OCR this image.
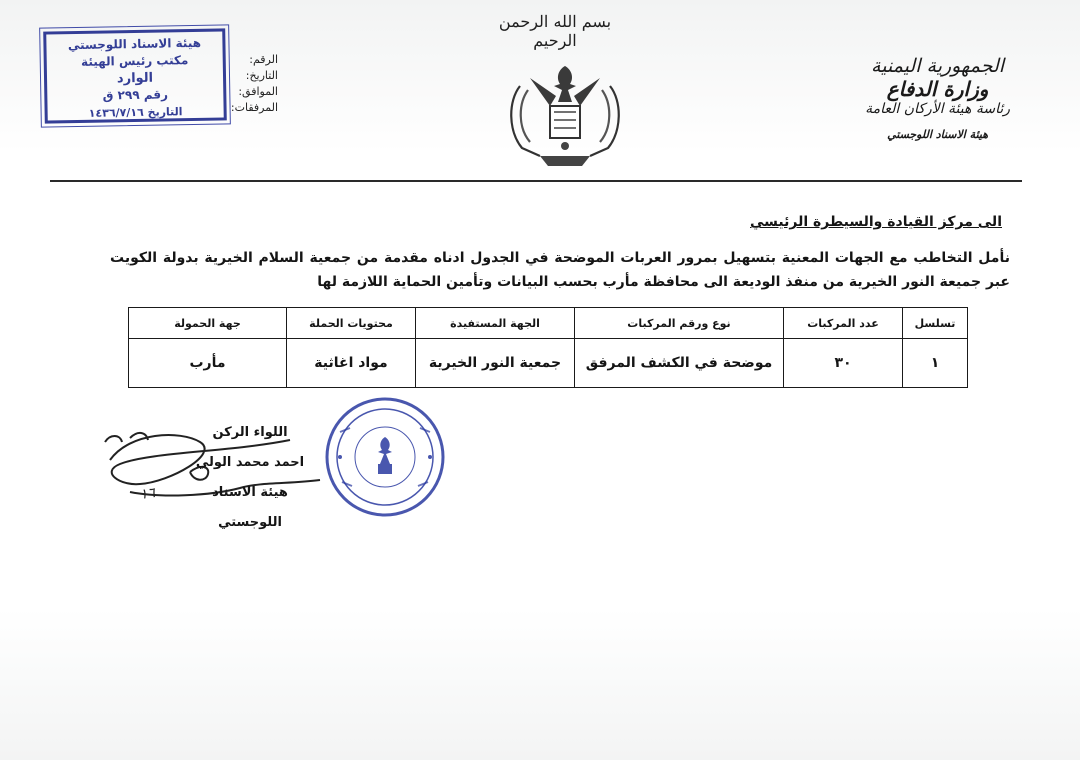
بسم الله الرحمن الرحيم
الجمهورية اليمنية
وزارة الدفاع
رئاسة هيئة الأركان العامة
هيئة الاسناد اللوجستي
هيئة الاسناد اللوجستي
مكتب رئيس الهيئة
الوارد
رقم ٢٩٩ ق
التاريخ ١٤٣٦/٧/١٦
الرقم:
التاريخ:
الموافق:
المرفقات:
الى مركز القيادة والسيطرة الرئيسي
نأمل التخاطب مع الجهات المعنية بتسهيل بمرور العربات الموضحة في الجدول ادناه مقدمة من جمعية السلام الخيرية بدولة الكويت عبر جميعة النور الخيرية من منفذ الوديعة الى محافظة مأرب بحسب البيانات وتأمين الحماية اللازمة لها
تسلسل	عدد المركبات	نوع ورقم المركبات	الجهة المستفيدة	محتويات الحملة	جهة الحمولة
١	٣٠	موضحة في الكشف المرفق	جمعية النور الخيرية	مواد اغاثية	مأرب
اللواء الركن
احمد محمد الولي
هيئة الاسناد اللوجستي
١٦
